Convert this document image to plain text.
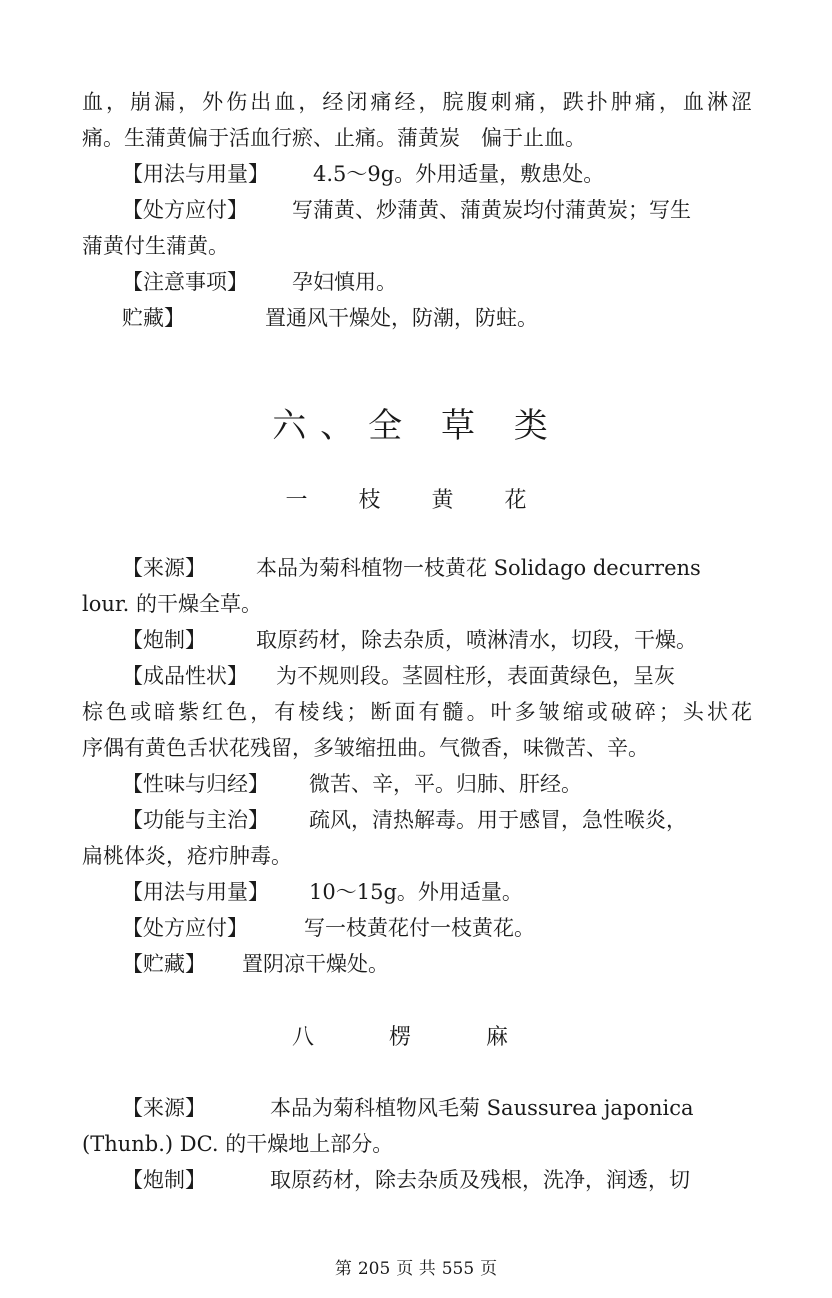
血，崩漏，外伤出血，经闭痛经，脘腹刺痛，跌扑肿痛，血淋涩
痛。生蒲黄偏于活血行瘀、止痛。蒲黄炭　偏于止血。
【用法与用量】 4.5～9g。外用适量，敷患处。
【处方应付】 写蒲黄、炒蒲黄、蒲黄炭均付蒲黄炭；写生
蒲黄付生蒲黄。
【注意事项】 孕妇慎用。
贮藏】	置通风干燥处，防潮，防蛀。
六、全 草 类
一 枝 黄 花
【来源】 本品为菊科植物一枝黄花 Solidago decurrens
lour. 的干燥全草。
【炮制】 取原药材，除去杂质，喷淋清水，切段，干燥。
【成品性状】 为不规则段。茎圆柱形，表面黄绿色，呈灰
棕色或暗紫红色，有棱线；断面有髓。叶多皱缩或破碎；头状花
序偶有黄色舌状花残留，多皱缩扭曲。气微香，味微苦、辛。
【性味与归经】 微苦、辛，平。归肺、肝经。
【功能与主治】 疏风，清热解毒。用于感冒，急性喉炎，
扁桃体炎，疮疖肿毒。
【用法与用量】 10～15g。外用适量。
【处方应付】	写一枝黄花付一枝黄花。
【贮藏】 置阴凉干燥处。
八 楞 麻
【来源】	本品为菊科植物风毛菊 Saussurea japonica
(Thunb.) DC. 的干燥地上部分。
【炮制】	取原药材，除去杂质及残根，洗净，润透，切
第 205 页 共 555 页
